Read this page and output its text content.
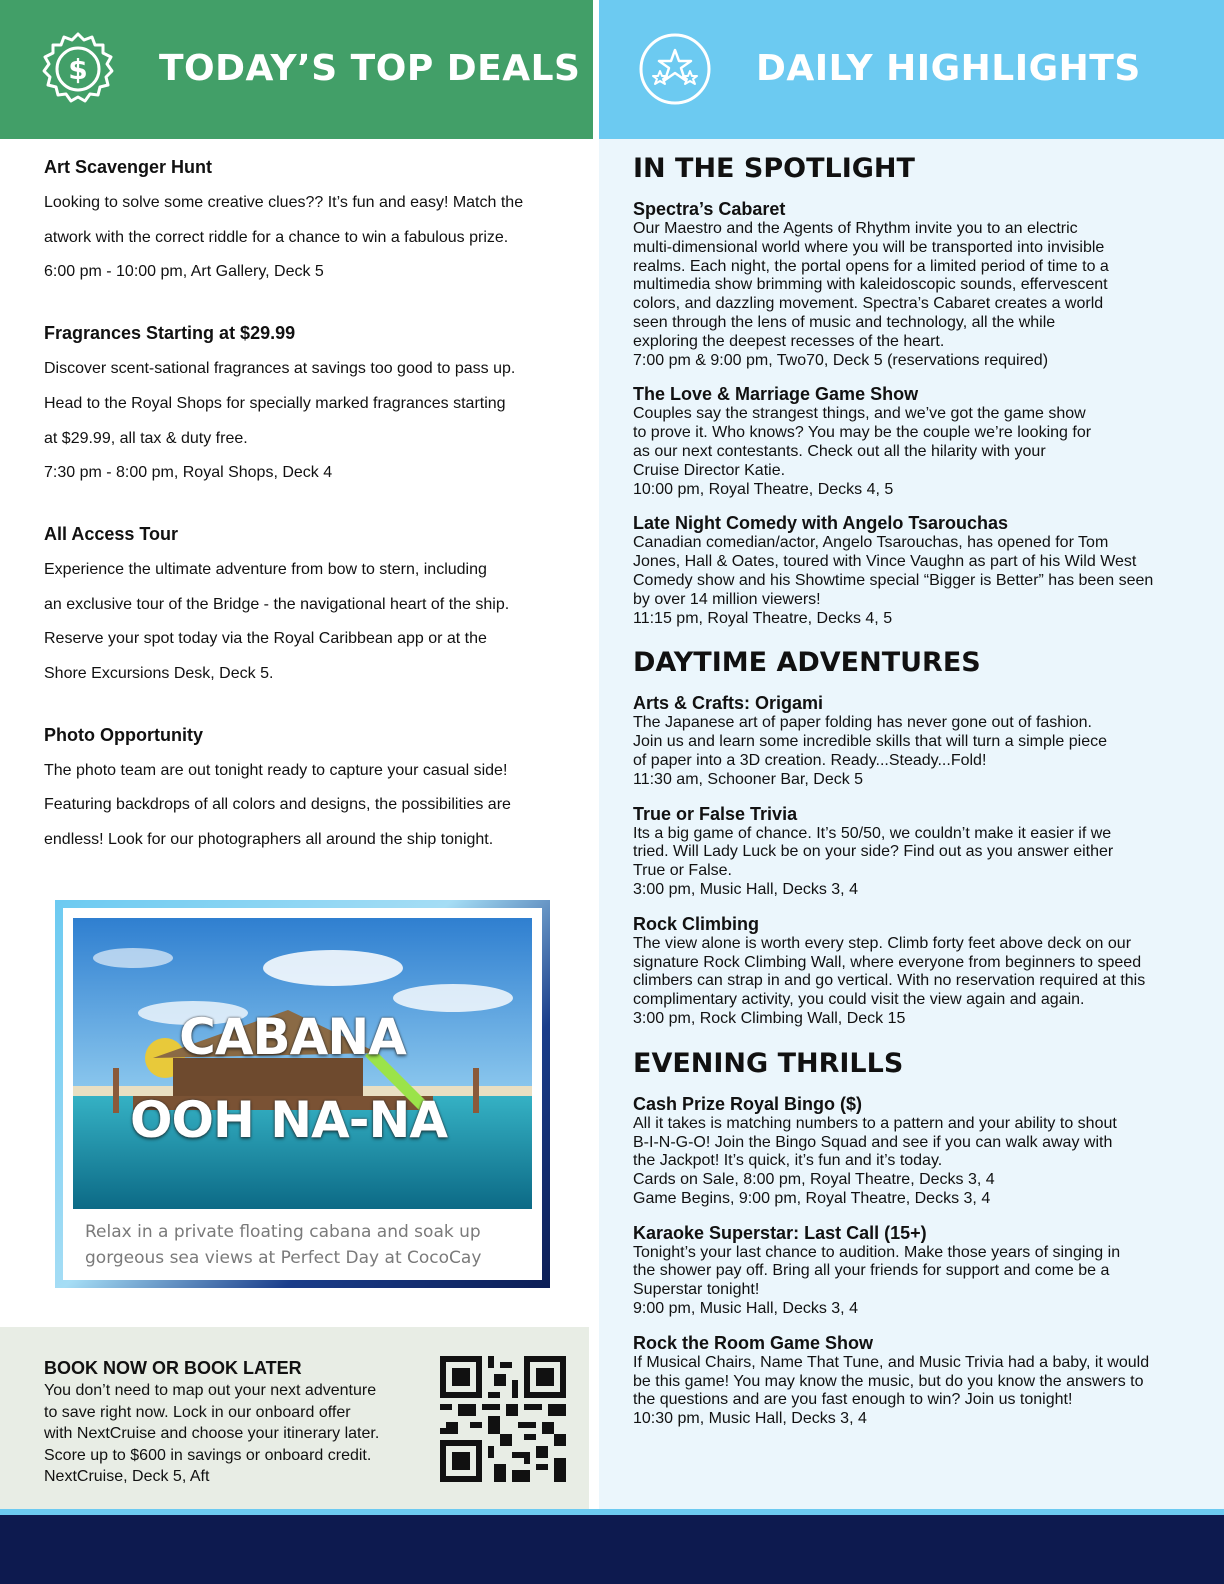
$ TODAY’S TOP DEALS	DAILY HIGHLIGHTS

Art Scavenger Hunt

Looking to solve some creative clues?? It’s fun and easy! Match the

atwork with the correct riddle for a chance to win a fabulous prize.

6:00 pm - 10:00 pm, Art Gallery, Deck 5

Fragrances Starting at $29.99

Discover scent-sational fragrances at savings too good to pass up.

Head to the Royal Shops for specially marked fragrances starting

at $29.99, all tax & duty free.

7:30 pm - 8:00 pm, Royal Shops, Deck 4

All Access Tour

Experience the ultimate adventure from bow to stern, including

an exclusive tour of the Bridge - the navigational heart of the ship.

Reserve your spot today via the Royal Caribbean app or at the

Shore Excursions Desk, Deck 5.

Photo Opportunity

The photo team are out tonight ready to capture your casual side!

Featuring backdrops of all colors and designs, the possibilities are

endless! Look for our photographers all around the ship tonight.

CABANA
OOH NA-NA

Relax in a private floating cabana and soak up
gorgeous sea views at Perfect Day at CocoCay

BOOK NOW OR BOOK LATER

You don’t need to map out your next adventure

to save right now. Lock in our onboard offer

with NextCruise and choose your itinerary later.

Score up to $600 in savings or onboard credit.

NextCruise, Deck 5, Aft

IN THE SPOTLIGHT

Spectra’s Cabaret

Our Maestro and the Agents of Rhythm invite you to an electric

multi-dimensional world where you will be transported into invisible

realms. Each night, the portal opens for a limited period of time to a

multimedia show brimming with kaleidoscopic sounds, effervescent

colors, and dazzling movement. Spectra’s Cabaret creates a world

seen through the lens of music and technology, all the while

exploring the deepest recesses of the heart.

7:00 pm & 9:00 pm, Two70, Deck 5 (reservations required)

The Love & Marriage Game Show

Couples say the strangest things, and we’ve got the game show

to prove it. Who knows? You may be the couple we’re looking for

as our next contestants. Check out all the hilarity with your

Cruise Director Katie.

10:00 pm, Royal Theatre, Decks 4, 5

Late Night Comedy with Angelo Tsarouchas

Canadian comedian/actor, Angelo Tsarouchas, has opened for Tom

Jones, Hall & Oates, toured with Vince Vaughn as part of his Wild West

Comedy show and his Showtime special “Bigger is Better” has been seen

by over 14 million viewers!

11:15 pm, Royal Theatre, Decks 4, 5

DAYTIME ADVENTURES

Arts & Crafts: Origami

The Japanese art of paper folding has never gone out of fashion.

Join us and learn some incredible skills that will turn a simple piece

of paper into a 3D creation. Ready...Steady...Fold!

11:30 am, Schooner Bar, Deck 5

True or False Trivia

Its a big game of chance. It’s 50/50, we couldn’t make it easier if we

tried. Will Lady Luck be on your side? Find out as you answer either

True or False.

3:00 pm, Music Hall, Decks 3, 4

Rock Climbing

The view alone is worth every step. Climb forty feet above deck on our

signature Rock Climbing Wall, where everyone from beginners to speed

climbers can strap in and go vertical. With no reservation required at this

complimentary activity, you could visit the view again and again.

3:00 pm, Rock Climbing Wall, Deck 15

EVENING THRILLS

Cash Prize Royal Bingo ($)

All it takes is matching numbers to a pattern and your ability to shout

B-I-N-G-O! Join the Bingo Squad and see if you can walk away with

the Jackpot! It’s quick, it’s fun and it’s today.

Cards on Sale, 8:00 pm, Royal Theatre, Decks 3, 4

Game Begins, 9:00 pm, Royal Theatre, Decks 3, 4

Karaoke Superstar: Last Call (15+)

Tonight’s your last chance to audition. Make those years of singing in

the shower pay off. Bring all your friends for support and come be a

Superstar tonight!

9:00 pm, Music Hall, Decks 3, 4

Rock the Room Game Show

If Musical Chairs, Name That Tune, and Music Trivia had a baby, it would

be this game! You may know the music, but do you know the answers to

the questions and are you fast enough to win? Join us tonight!

10:30 pm, Music Hall, Decks 3, 4
